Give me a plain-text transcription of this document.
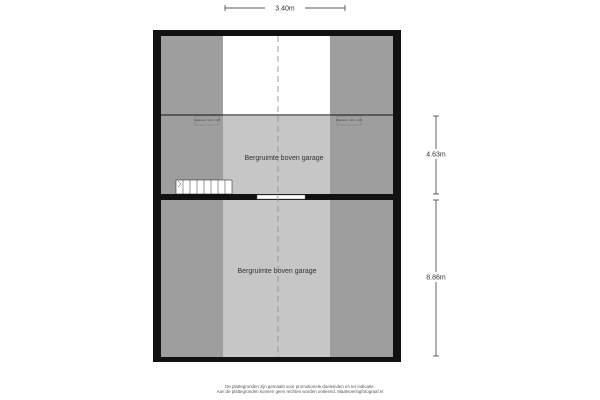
Bergruimte boven garage
Bergruimte boven garage
Dakraam 114 x 118	Dakraam 114 x 118
3.40m
4.63m
8.86m
De plattegronden zijn gemaakt voor promotionele doeleinden en ter indicatie.
Aan de plattegronden kunnen geen rechten worden ontleend. Maatvoeringfotograaf.nl
